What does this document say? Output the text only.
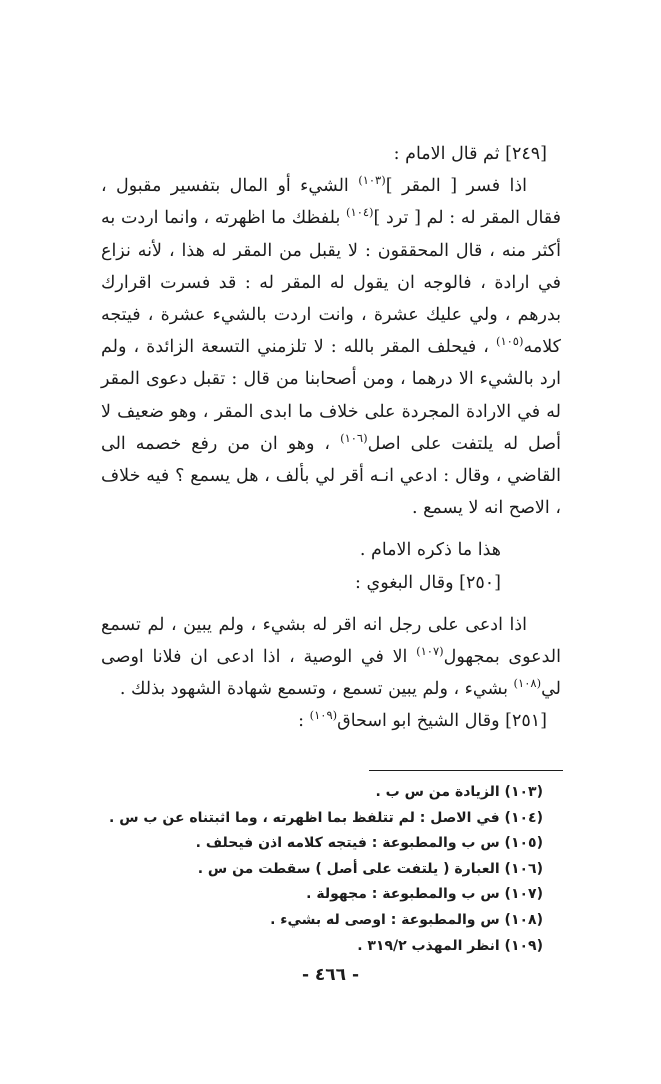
[٢٤٩] ثم قال الامام :

اذا فسر [ المقر ]$^{(١٠٣)}$ الشيء أو المال بتفسير مقبول ، فقال المقر له : لم [ ترد ]$^{(١٠٤)}$ بلفظك ما اظهرته ، وانما اردت به أكثر منه ، قال المحققون : لا يقبل من المقر له هذا ، لأنه نزاع في ارادة ، فالوجه ان يقول له المقر له : قد فسرت اقرارك بدرهم ، ولي عليك عشرة ، وانت اردت بالشيء عشرة ، فيتجه كلامه$^{(١٠٥)}$ ، فيحلف المقر بالله : لا تلزمني التسعة الزائدة ، ولم ارد بالشيء الا درهما ، ومن أصحابنا من قال : تقبل دعوى المقر له في الارادة المجردة على خلاف ما ابدى المقر ، وهو ضعيف لا أصل له يلتفت على اصل$^{(١٠٦)}$ ، وهو ان من رفع خصمه الى القاضي ، وقال : ادعي انـه أقر لي بألف ، هل يسمع ؟ فيه خلاف ، الاصح انه لا يسمع .

هذا ما ذكره الامام .

[٢٥٠] وقال البغوي :

اذا ادعى على رجل انه اقر له بشيء ، ولم يبين ، لم تسمع الدعوى بمجهول$^{(١٠٧)}$ الا في الوصية ، اذا ادعى ان فلانا اوصى لي$^{(١٠٨)}$ بشيء ، ولم يبين تسمع ، وتسمع شهادة الشهود بذلك .

[٢٥١] وقال الشيخ ابو اسحاق$^{(١٠٩)}$ :

(١٠٣) الزيادة من س ب .
(١٠٤) في الاصل : لم تتلفظ بما اظهرته ، وما اثبتناه عن ب س .
(١٠٥) س ب والمطبوعة : فيتجه كلامه اذن فيحلف .
(١٠٦) العبارة ( يلتفت على أصل ) سقطت من س .
(١٠٧) س ب والمطبوعة : مجهولة .
(١٠٨) س والمطبوعة : اوصى له بشيء .
(١٠٩) انظر المهذب ٣١٩/٢ .
- ٤٦٦ -
